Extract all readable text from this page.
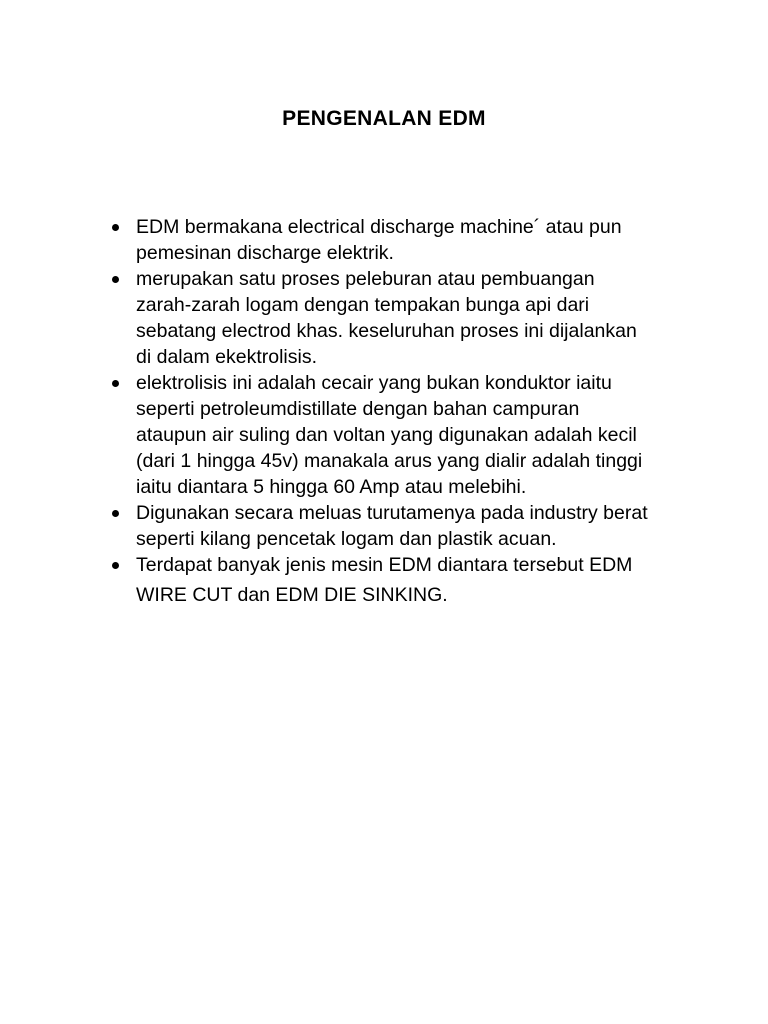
PENGENALAN EDM
EDM bermakana electrical discharge machine´ atau pun
pemesinan discharge elektrik.
merupakan satu proses peleburan atau pembuangan
zarah-zarah logam dengan tempakan bunga api dari
sebatang electrod khas. keseluruhan proses ini dijalankan
di dalam ekektrolisis.
elektrolisis ini adalah cecair yang bukan konduktor iaitu
seperti petroleumdistillate dengan bahan campuran
ataupun air suling dan voltan yang digunakan adalah kecil
(dari 1 hingga 45v) manakala arus yang dialir adalah tinggi
iaitu diantara 5 hingga 60 Amp atau melebihi.
Digunakan secara meluas turutamenya pada industry berat
seperti kilang pencetak logam dan plastik acuan.
Terdapat banyak jenis mesin EDM diantara tersebut EDM
WIRE CUT dan EDM DIE SINKING.
